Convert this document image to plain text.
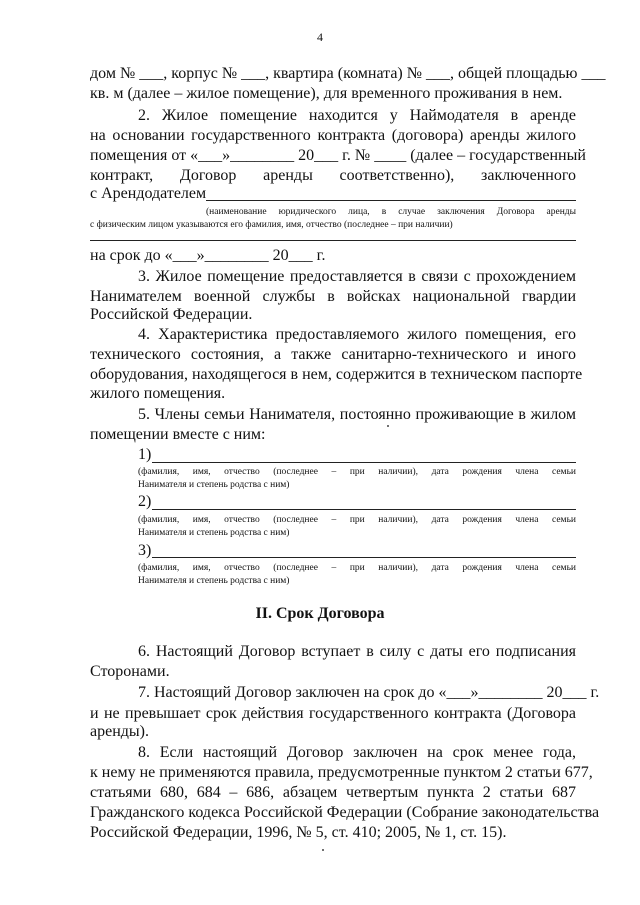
4
дом № ___, корпус № ___, квартира (комната) № ___, общей площадью ___
кв. м (далее – жилое помещение), для временного проживания в нем.
2. Жилое помещение находится у Наймодателя в аренде
на основании государственного контракта (договора) аренды жилого
помещения от «___»________ 20___ г. № ____ (далее – государственный
контракт, Договор аренды соответственно), заключенного
с Арендодателем
(наименование юридического лица, в случае заключения Договора аренды
с физическим лицом указываются его фамилия, имя, отчество (последнее – при наличии)
на срок до «___»________ 20___ г.
3. Жилое помещение предоставляется в связи с прохождением
Нанимателем военной службы в войсках национальной гвардии
Российской Федерации.
4. Характеристика предоставляемого жилого помещения, его
технического состояния, а также санитарно-технического и иного
оборудования, находящегося в нем, содержится в техническом паспорте
жилого помещения.
5. Члены семьи Нанимателя, постоянно проживающие в жилом
помещении вместе с ним:
1)
(фамилия, имя, отчество (последнее – при наличии), дата рождения члена семьи
Нанимателя и степень родства с ним)
2)
(фамилия, имя, отчество (последнее – при наличии), дата рождения члена семьи
Нанимателя и степень родства с ним)
3)
(фамилия, имя, отчество (последнее – при наличии), дата рождения члена семьи
Нанимателя и степень родства с ним)
II. Срок Договора
6. Настоящий Договор вступает в силу с даты его подписания
Сторонами.
7. Настоящий Договор заключен на срок до «___»________ 20___ г.
и не превышает срок действия государственного контракта (Договора
аренды).
8. Если настоящий Договор заключен на срок менее года,
к нему не применяются правила, предусмотренные пунктом 2 статьи 677,
статьями 680, 684 – 686, абзацем четвертым пункта 2 статьи 687
Гражданского кодекса Российской Федерации (Собрание законодательства
Российской Федерации, 1996, № 5, ст. 410; 2005, № 1, ст. 15).
